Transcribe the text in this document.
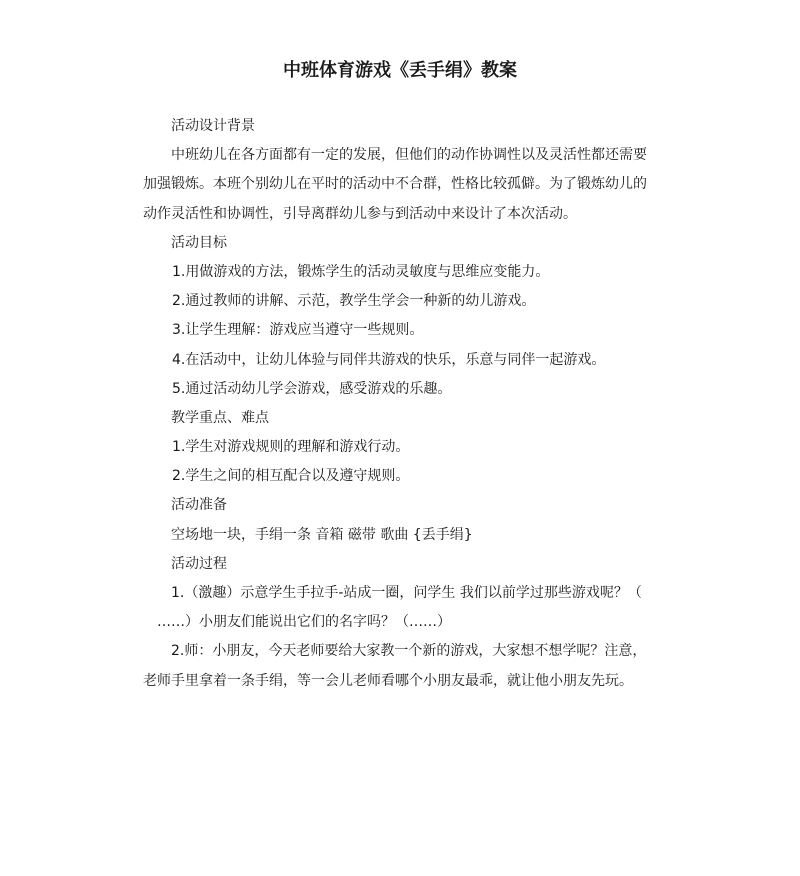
中班体育游戏《丢手绢》教案
活动设计背景
中班幼儿在各方面都有一定的发展，但他们的动作协调性以及灵活性都还需要
加强锻炼。本班个别幼儿在平时的活动中不合群，性格比较孤僻。为了锻炼幼儿的
动作灵活性和协调性，引导离群幼儿参与到活动中来设计了本次活动。
活动目标
1.用做游戏的方法，锻炼学生的活动灵敏度与思维应变能力。
2.通过教师的讲解、示范，教学生学会一种新的幼儿游戏。
3.让学生理解：游戏应当遵守一些规则。
4.在活动中，让幼儿体验与同伴共游戏的快乐，乐意与同伴一起游戏。
5.通过活动幼儿学会游戏，感受游戏的乐趣。
教学重点、难点
1.学生对游戏规则的理解和游戏行动。
2.学生之间的相互配合以及遵守规则。
活动准备
空场地一块，手绢一条 音箱 磁带 歌曲 {丢手绢}
活动过程
1.（激趣）示意学生手拉手-站成一圈，问学生 我们以前学过那些游戏呢？（
……）小朋友们能说出它们的名字吗？（……）
2.师：小朋友，今天老师要给大家教一个新的游戏，大家想不想学呢？注意，
老师手里拿着一条手绢，等一会儿老师看哪个小朋友最乖，就让他小朋友先玩。
